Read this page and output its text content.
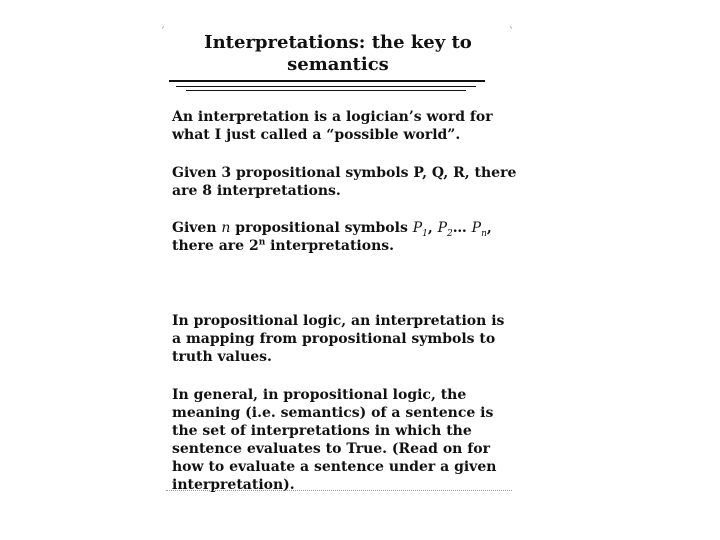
´	`
Interpretations: the key to
semantics

An interpretation is a logician’s word for what I just called a “possible world”.

Given 3 propositional symbols P, Q, R, there are 8 interpretations.

Given n propositional symbols $P_1$, $P_2\dots$ $P_n$,
there are 2$^n$ interpretations.

In propositional logic, an interpretation is a mapping from propositional symbols to truth values.

In general, in propositional logic, the meaning (i.e. semantics) of a sentence is the set of interpretations in which the sentence evaluates to True. (Read on for how to evaluate a sentence under a given interpretation).
